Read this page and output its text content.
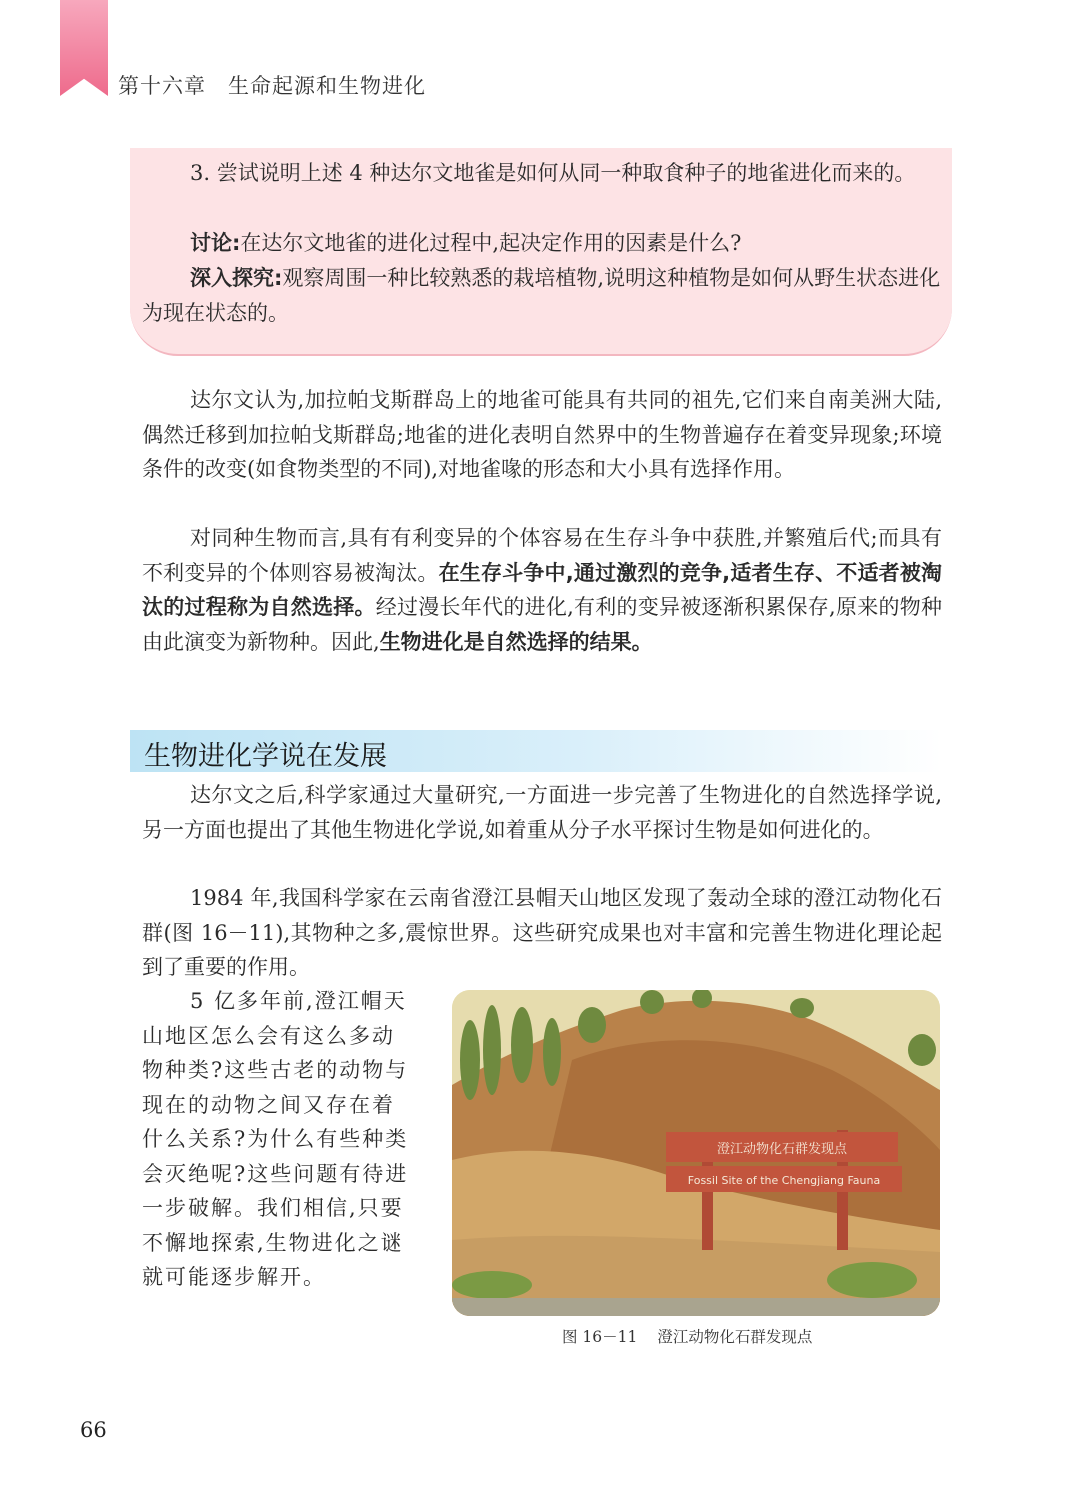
第十六章 生命起源和生物进化

3. 尝试说明上述 4 种达尔文地雀是如何从同一种取食种子的地雀进化而来的。

讨论:在达尔文地雀的进化过程中,起决定作用的因素是什么?

深入探究:观察周围一种比较熟悉的栽培植物,说明这种植物是如何从野生状态进化为现在状态的。

达尔文认为,加拉帕戈斯群岛上的地雀可能具有共同的祖先,它们来自南美洲大陆,偶然迁移到加拉帕戈斯群岛;地雀的进化表明自然界中的生物普遍存在着变异现象;环境条件的改变(如食物类型的不同),对地雀喙的形态和大小具有选择作用。

对同种生物而言,具有有利变异的个体容易在生存斗争中获胜,并繁殖后代;而具有不利变异的个体则容易被淘汰。在生存斗争中,通过激烈的竞争,适者生存、不适者被淘汰的过程称为自然选择。经过漫长年代的进化,有利的变异被逐渐积累保存,原来的物种由此演变为新物种。因此,生物进化是自然选择的结果。

生物进化学说在发展

达尔文之后,科学家通过大量研究,一方面进一步完善了生物进化的自然选择学说,另一方面也提出了其他生物进化学说,如着重从分子水平探讨生物是如何进化的。

1984 年,我国科学家在云南省澄江县帽天山地区发现了轰动全球的澄江动物化石群(图 16－11),其物种之多,震惊世界。这些研究成果也对丰富和完善生物进化理论起到了重要的作用。

5 亿多年前,澄江帽天山地区怎么会有这么多动物种类?这些古老的动物与现在的动物之间又存在着什么关系?为什么有些种类会灭绝呢?这些问题有待进一步破解。我们相信,只要不懈地探索,生物进化之谜就可能逐步解开。

澄江动物化石群发现点
Fossil Site of the Chengjiang Fauna
图 16－11 澄江动物化石群发现点
66
